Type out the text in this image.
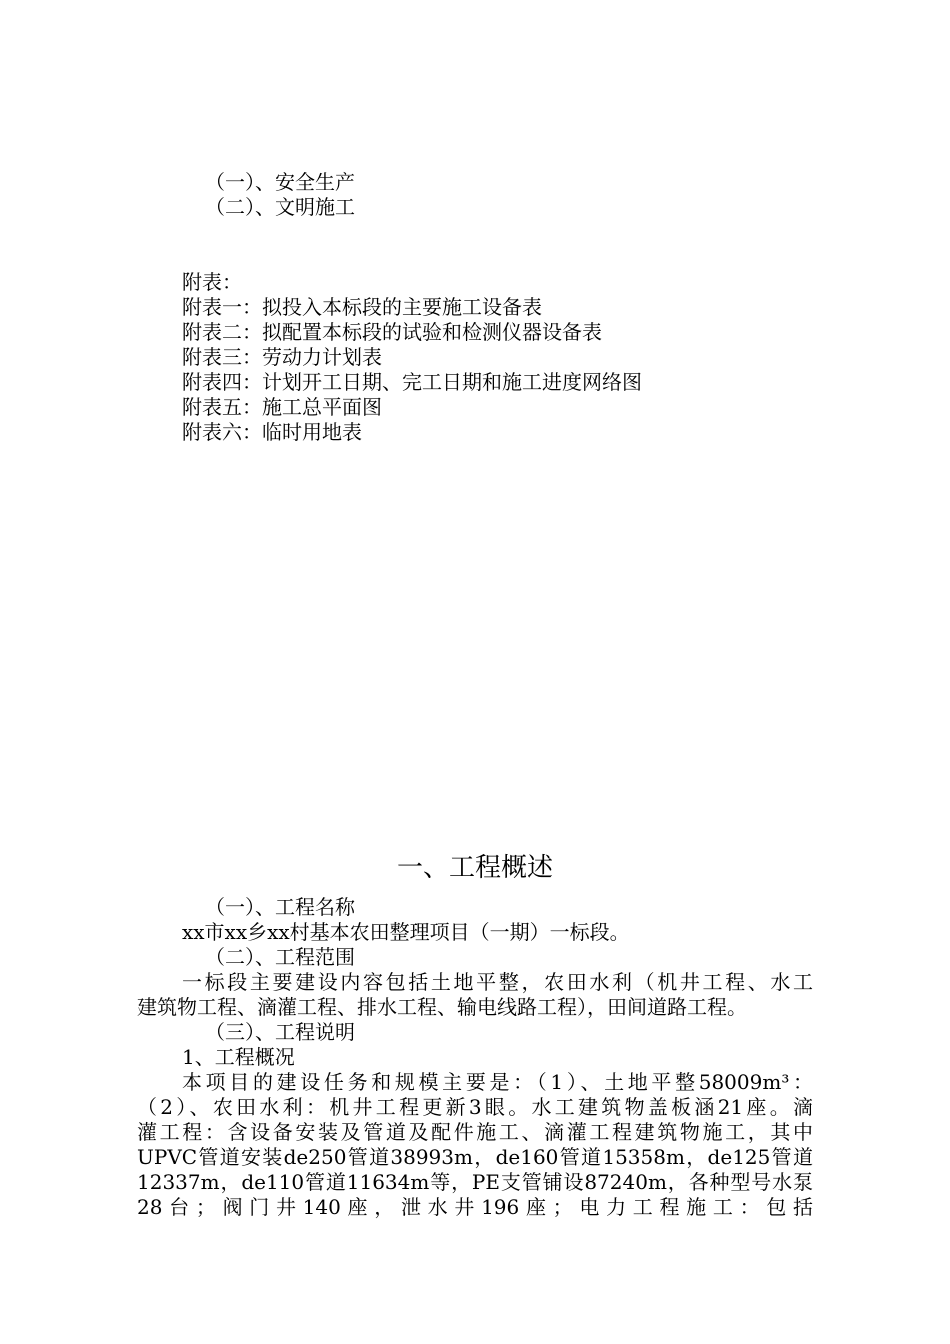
（一）、安全生产
（二）、文明施工
附表：
附表一：拟投入本标段的主要施工设备表
附表二：拟配置本标段的试验和检测仪器设备表
附表三：劳动力计划表
附表四：计划开工日期、完工日期和施工进度网络图
附表五：施工总平面图
附表六：临时用地表
一、工程概述
（一）、工程名称
xx市xx乡xx村基本农田整理项目（一期）一标段。
（二）、工程范围

一标段主要建设内容包括土地平整，农田水利（机井工程、水工

建筑物工程、滴灌工程、排水工程、输电线路工程），田间道路工程。

（三）、工程说明
1、工程概况

本项目的建设任务和规模主要是：（1）、土地平整58009m³：

（2）、农田水利：机井工程更新3眼。水工建筑物盖板涵21座。滴

灌工程：含设备安装及管道及配件施工、滴灌工程建筑物施工，其中

UPVC管道安装de250管道38993m，de160管道15358m，de125管道

12337m，de110管道11634m等，PE支管铺设87240m，各种型号水泵

28台；阀门井140座，泄水井196座；电力工程施工：包括
